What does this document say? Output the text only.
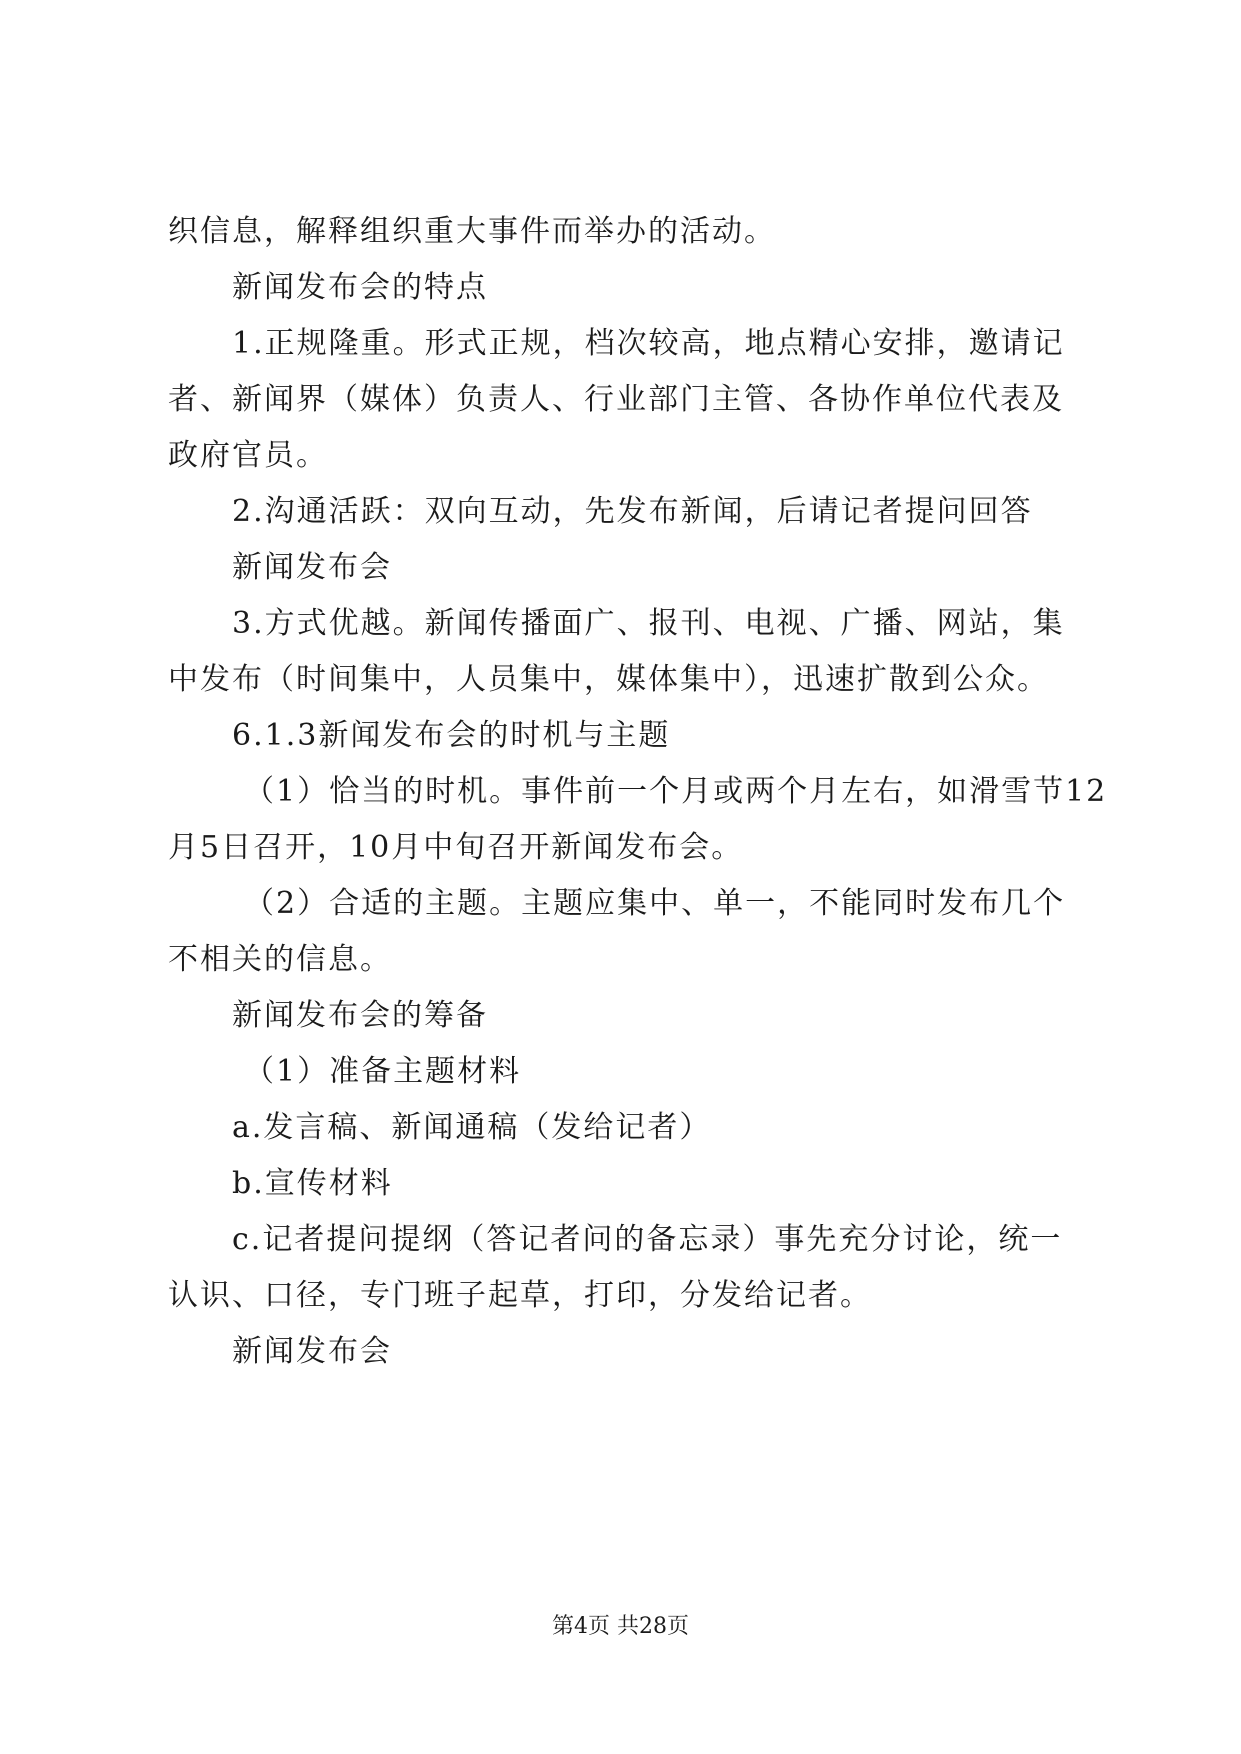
织信息，解释组织重大事件而举办的活动。
新闻发布会的特点
1.正规隆重。形式正规，档次较高，地点精心安排，邀请记
者、新闻界（媒体）负责人、行业部门主管、各协作单位代表及
政府官员。
2.沟通活跃：双向互动，先发布新闻，后请记者提问回答
新闻发布会
3.方式优越。新闻传播面广、报刊、电视、广播、网站，集
中发布（时间集中，人员集中，媒体集中），迅速扩散到公众。
6.1.3新闻发布会的时机与主题
（1）恰当的时机。事件前一个月或两个月左右，如滑雪节12
月5日召开，10月中旬召开新闻发布会。
（2）合适的主题。主题应集中、单一，不能同时发布几个
不相关的信息。
新闻发布会的筹备
（1）准备主题材料
a.发言稿、新闻通稿（发给记者）
b.宣传材料
c.记者提问提纲（答记者问的备忘录）事先充分讨论，统一
认识、口径，专门班子起草，打印，分发给记者。
新闻发布会
第4页 共28页
